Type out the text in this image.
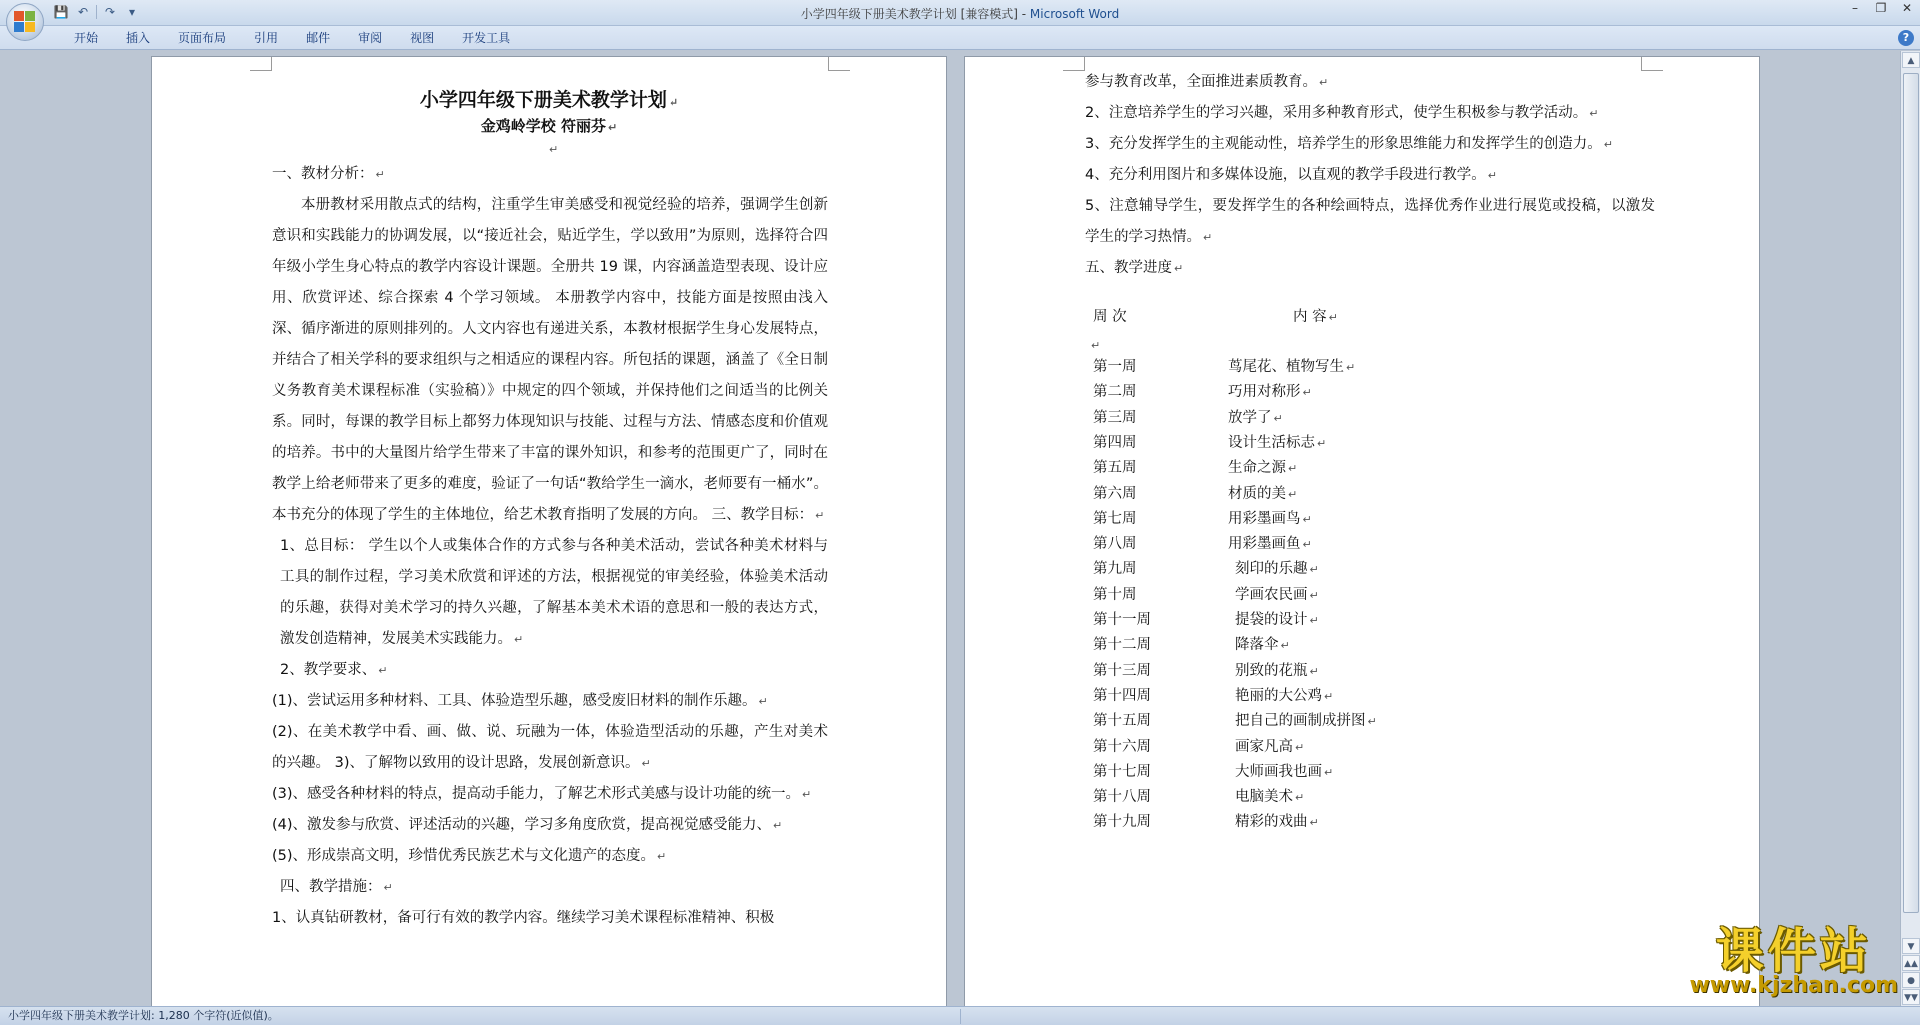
💾 ↶	↷	▾	小学四年级下册美术教学计划 [兼容模式] - Microsoft Word	–	❐	✕
开始	插入	页面布局	引用	邮件	审阅	视图	开发工具	?
小学四年级下册美术教学计划 ↵
金鸡岭学校 符丽芬 ↵
↵

一、教材分析： ↵

本册教材采用散点式的结构，注重学生审美感受和视觉经验的培养，强调学生创新意识和实践能力的协调发展，以“接近社会，贴近学生，学以致用”为原则，选择符合四年级小学生身心特点的教学内容设计课题。全册共 19 课，内容涵盖造型表现、设计应用、欣赏评述、综合探索 4 个学习领域。 本册教学内容中，技能方面是按照由浅入深、循序渐进的原则排列的。人文内容也有递进关系，本教材根据学生身心发展特点，并结合了相关学科的要求组织与之相适应的课程内容。所包括的课题，涵盖了《全日制义务教育美术课程标准（实验稿）》中规定的四个领域，并保持他们之间适当的比例关系。同时，每课的教学目标上都努力体现知识与技能、过程与方法、情感态度和价值观的培养。书中的大量图片给学生带来了丰富的课外知识，和参考的范围更广了，同时在教学上给老师带来了更多的难度，验证了一句话“教给学生一滴水，老师要有一桶水”。本书充分的体现了学生的主体地位，给艺术教育指明了发展的方向。 三、教学目标： ↵

1、总目标： 学生以个人或集体合作的方式参与各种美术活动，尝试各种美术材料与工具的制作过程，学习美术欣赏和评述的方法，根据视觉的审美经验，体验美术活动的乐趣，获得对美术学习的持久兴趣，了解基本美术术语的意思和一般的表达方式，激发创造精神，发展美术实践能力。 ↵

2、教学要求、 ↵

(1)、尝试运用多种材料、工具、体验造型乐趣，感受废旧材料的制作乐趣。 ↵

(2)、在美术教学中看、画、做、说、玩融为一体，体验造型活动的乐趣，产生对美术的兴趣。 3)、了解物以致用的设计思路，发展创新意识。 ↵

(3)、感受各种材料的特点，提高动手能力，了解艺术形式美感与设计功能的统一。 ↵

(4)、激发参与欣赏、评述活动的兴趣，学习多角度欣赏，提高视觉感受能力、 ↵

(5)、形成崇高文明，珍惜优秀民族艺术与文化遗产的态度。 ↵

四、教学措施： ↵

1、认真钻研教材，备可行有效的教学内容。继续学习美术课程标准精神、积极

参与教育改革，全面推进素质教育。 ↵

2、注意培养学生的学习兴趣，采用多种教育形式，使学生积极参与教学活动。 ↵

3、充分发挥学生的主观能动性，培养学生的形象思维能力和发挥学生的创造力。 ↵

4、充分利用图片和多媒体设施，以直观的教学手段进行教学。 ↵

5、注意辅导学生，要发挥学生的各种绘画特点，选择优秀作业进行展览或投稿，以激发学生的学习热情。 ↵

五、教学进度 ↵

周 次	内 容 ↵
↵
第一周	茑尾花、植物写生 ↵
第二周	巧用对称形 ↵
第三周	放学了 ↵
第四周	设计生活标志 ↵
第五周	生命之源 ↵
第六周	材质的美 ↵
第七周	用彩墨画鸟 ↵
第八周	用彩墨画鱼 ↵
第九周	刻印的乐趣 ↵
第十周	学画农民画 ↵
第十一周	提袋的设计 ↵
第十二周	降落伞 ↵
第十三周	别致的花瓶 ↵
第十四周	艳丽的大公鸡 ↵
第十五周	把自己的画制成拼图 ↵
第十六周	画家凡高 ↵
第十七周	大师画我也画 ↵
第十八周	电脑美术 ↵
第十九周	精彩的戏曲 ↵
▲
▼
▲▲
●
▼▼
课件站
www.kjzhan.com
小学四年级下册美术教学计划: 1,280 个字符(近似值)。
